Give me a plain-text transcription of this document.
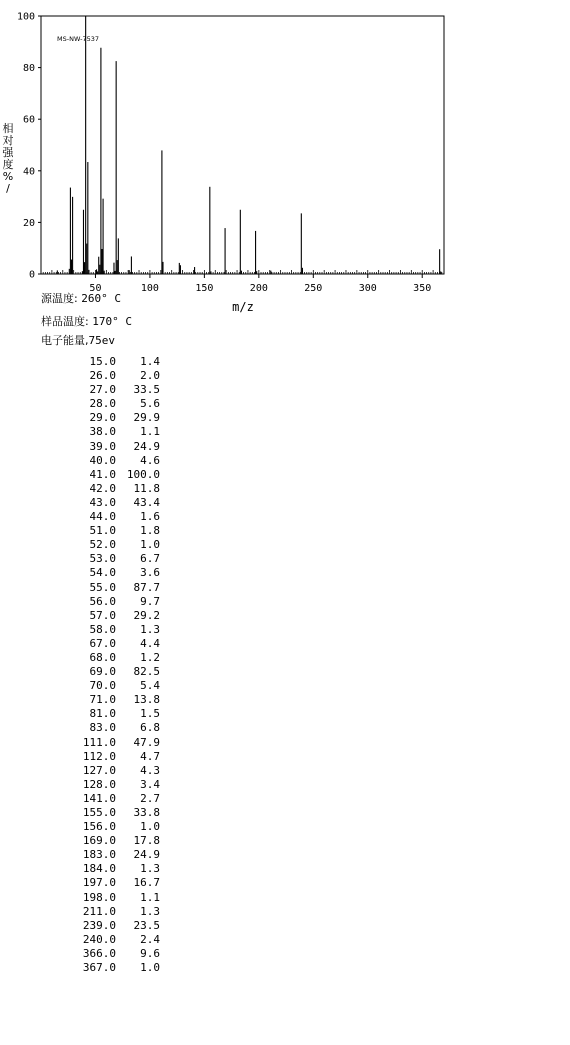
0
20
40
60
80
100
50	100	150	200	250	300	350
MS-NW-7537
m/z
相
对
强
度
%
/
源温度: 260° C
样品温度: 170° C
电子能量,75ev
15.0 1.4
26.0 2.0
27.0 33.5
28.0 5.6
29.0 29.9
38.0 1.1
39.0 24.9
40.0 4.6
41.0 100.0
42.0 11.8
43.0 43.4
44.0 1.6
51.0 1.8
52.0 1.0
53.0 6.7
54.0 3.6
55.0 87.7
56.0 9.7
57.0 29.2
58.0 1.3
67.0 4.4
68.0 1.2
69.0 82.5
70.0 5.4
71.0 13.8
81.0 1.5
83.0 6.8
111.0 47.9
112.0 4.7
127.0 4.3
128.0 3.4
141.0 2.7
155.0 33.8
156.0 1.0
169.0 17.8
183.0 24.9
184.0 1.3
197.0 16.7
198.0 1.1
211.0 1.3
239.0 23.5
240.0 2.4
366.0 9.6
367.0 1.0
